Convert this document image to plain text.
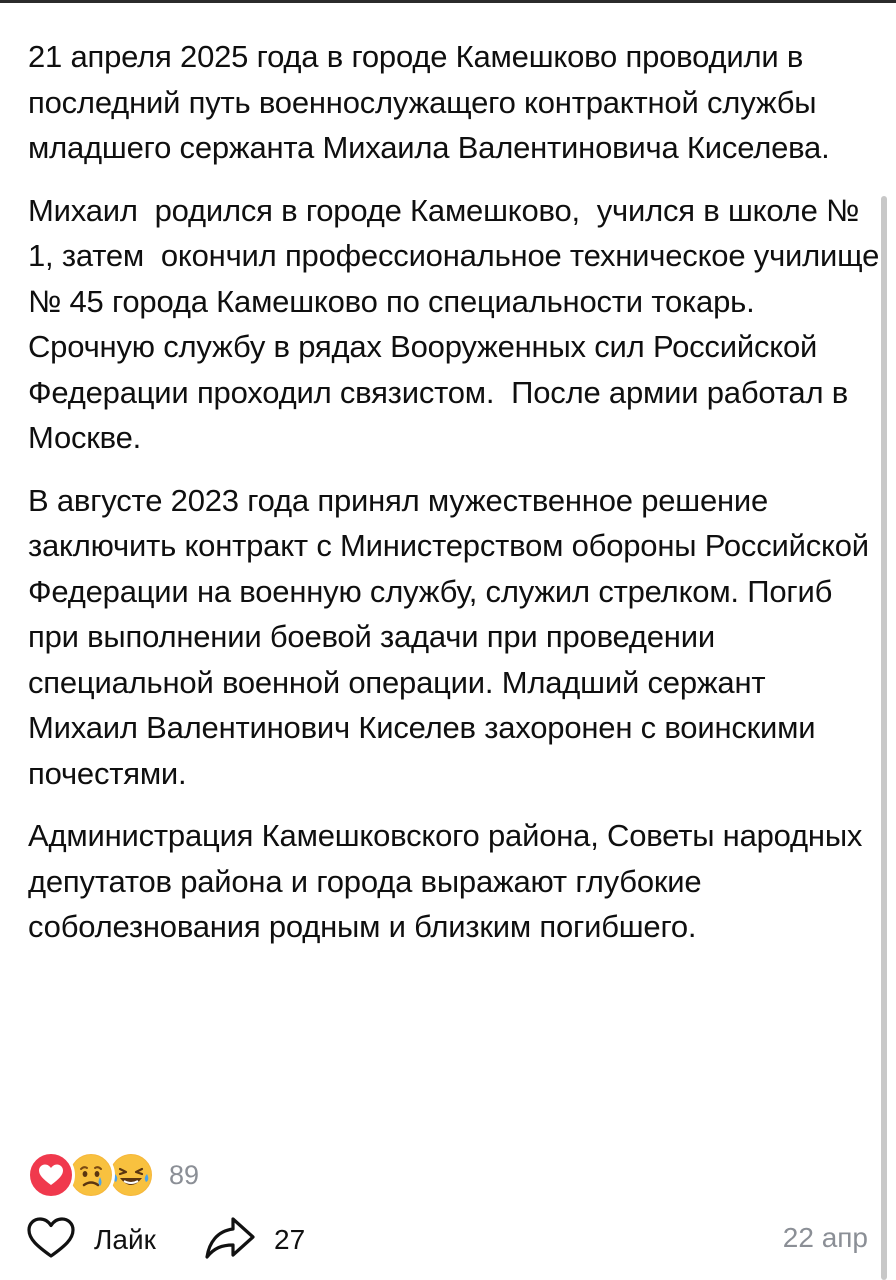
21 апреля 2025 года в городе Камешково проводили в последний путь военнослужащего контрактной службы младшего сержанта Михаила Валентиновича Киселева.

Михаил  родился в городе Камешково,  учился в школе № 1, затем  окончил профессиональное техническое училище № 45 города Камешково по специальности токарь.  Срочную службу в рядах Вооруженных сил Российской Федерации проходил связистом.  После армии работал в Москве.

В августе 2023 года принял мужественное решение заключить контракт с Министерством обороны Российской Федерации на военную службу, служил стрелком. Погиб при выполнении боевой задачи при проведении специальной военной операции. Младший сержант Михаил Валентинович Киселев захоронен с воинскими почестями.

Администрация Камешковского района, Советы народных депутатов района и города выражают глубокие соболезнования родным и близким погибшего.

89
Лайк	27	22 апр
